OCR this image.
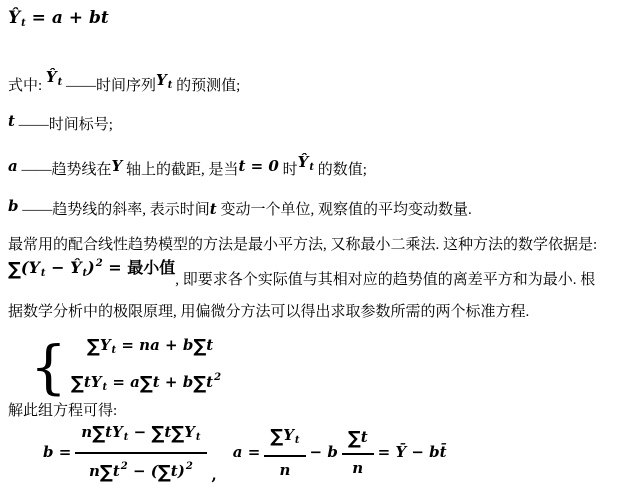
$Ŷ_t = a$ + bt
式中: $Ŷ_t$ ——时间序列$Y_t$ 的预测值;
t ——时间标号;
a ——趋势线在Y 轴上的截距, 是当t = 0 时$Ŷ_t$ 的数值;
b ——趋势线的斜率, 表示时间t 变动一个单位, 观察值的平均变动数量.
最常用的配合线性趋势模型的方法是最小平方法, 又称最小二乘法. 这种方法的数学依据是:
$\sum(Y_t$ − $Ŷ_t)^2$ = 最小值
, 即要求各个实际值与其相对应的趋势值的离差平方和为最小. 根
据数学分析中的极限原理, 用偏微分方法可以得出求取参数所需的两个标准方程.
{	$\sum Y_t$ = na + b∑t
$\sum tY_t = a\sum t + b\sum t^2$
解此组方程可得:
$b = \frac{n\sum tY_t - \sum t\sum Y_t}{n\sum t^2 - (\sum t)^2}$ ,
$a = \frac{\sum Y_t}{n} - b \frac{\sum t}{n}$ = Ȳ − bt̄
